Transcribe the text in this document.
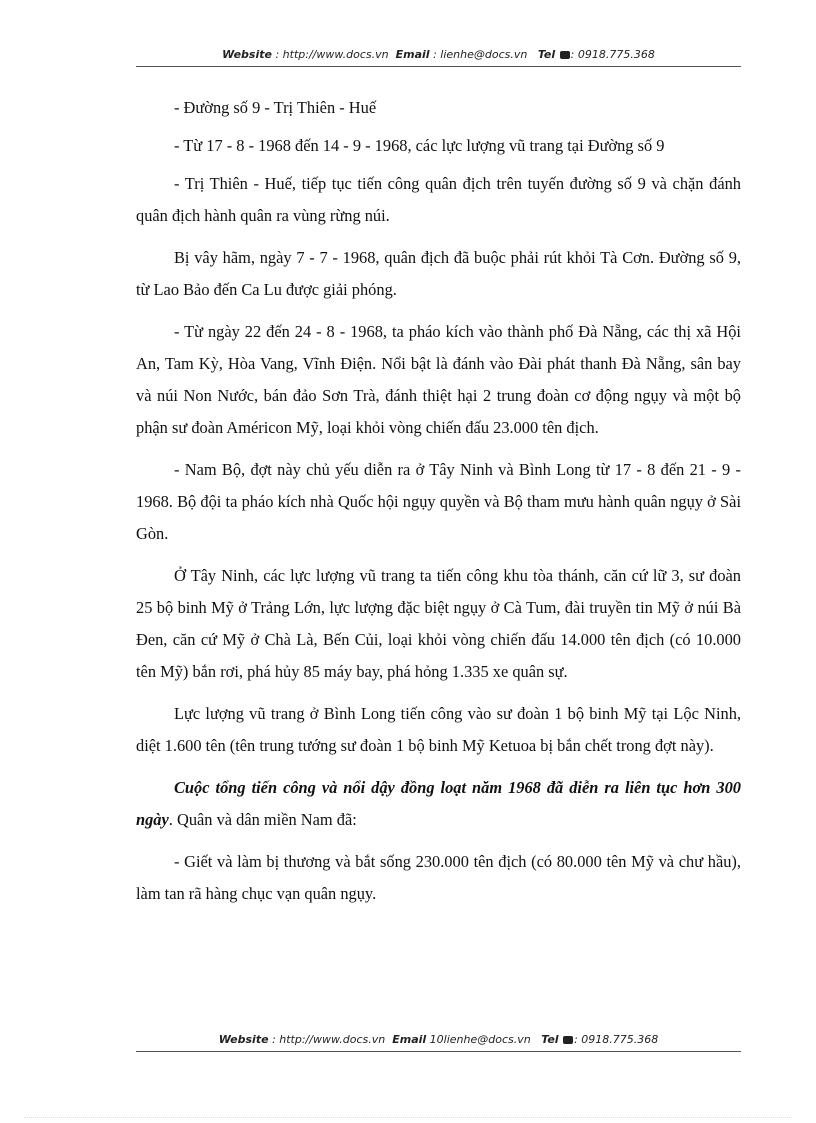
Website : http://www.docs.vn Email : lienhe@docs.vn Tel : 0918.775.368

- Đường số 9 - Trị Thiên - Huế

- Từ 17 - 8 - 1968 đến 14 - 9 - 1968, các lực lượng vũ trang tại Đường số 9

- Trị Thiên - Huế, tiếp tục tiến công quân địch trên tuyến đường số 9 và chặn đánh quân địch hành quân ra vùng rừng núi.

Bị vây hãm, ngày 7 - 7 - 1968, quân địch đã buộc phải rút khỏi Tà Cơn. Đường số 9, từ Lao Bảo đến Ca Lu được giải phóng.

- Từ ngày 22 đến 24 - 8 - 1968, ta pháo kích vào thành phố Đà Nẵng, các thị xã Hội An, Tam Kỳ, Hòa Vang, Vĩnh Điện. Nổi bật là đánh vào Đài phát thanh Đà Nẵng, sân bay và núi Non Nước, bán đảo Sơn Trà, đánh thiệt hại 2 trung đoàn cơ động ngụy và một bộ phận sư đoàn Américon Mỹ, loại khỏi vòng chiến đấu 23.000 tên địch.

- Nam Bộ, đợt này chủ yếu diễn ra ở Tây Ninh và Bình Long từ 17 - 8 đến 21 - 9 - 1968. Bộ đội ta pháo kích nhà Quốc hội ngụy quyền và Bộ tham mưu hành quân ngụy ở Sài Gòn.

Ở Tây Ninh, các lực lượng vũ trang ta tiến công khu tòa thánh, căn cứ lữ 3, sư đoàn 25 bộ binh Mỹ ở Trảng Lớn, lực lượng đặc biệt ngụy ở Cà Tum, đài truyền tin Mỹ ở núi Bà Đen, căn cứ Mỹ ở Chà Là, Bến Củi, loại khỏi vòng chiến đấu 14.000 tên địch (có 10.000 tên Mỹ) bắn rơi, phá hủy 85 máy bay, phá hỏng 1.335 xe quân sự.

Lực lượng vũ trang ở Bình Long tiến công vào sư đoàn 1 bộ binh Mỹ tại Lộc Ninh, diệt 1.600 tên (tên trung tướng sư đoàn 1 bộ binh Mỹ Ketuoa bị bắn chết trong đợt này).

Cuộc tổng tiến công và nổi dậy đồng loạt năm 1968 đã diễn ra liên tục hơn 300 ngày. Quân và dân miền Nam đã:

- Giết và làm bị thương và bắt sống 230.000 tên địch (có 80.000 tên Mỹ và chư hầu), làm tan rã hàng chục vạn quân ngụy.

Website : http://www.docs.vn Email 10lienhe@docs.vn Tel : 0918.775.368
